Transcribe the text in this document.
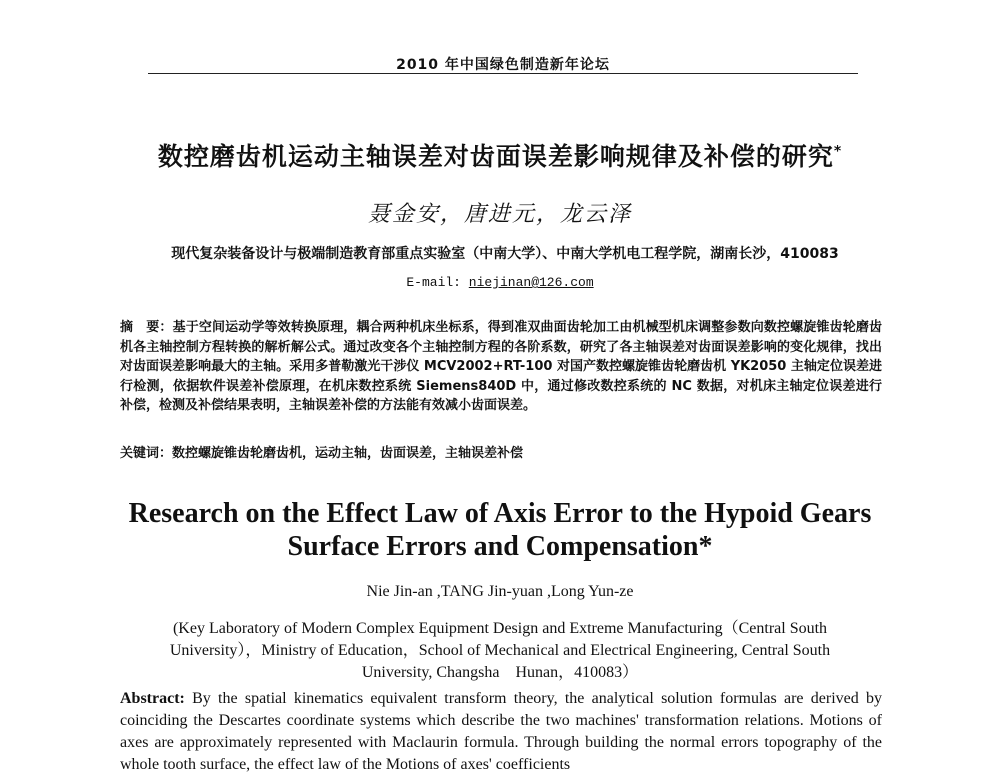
2010 年中国绿色制造新年论坛
数控磨齿机运动主轴误差对齿面误差影响规律及补偿的研究*
聂金安，唐进元，龙云泽
现代复杂装备设计与极端制造教育部重点实验室（中南大学）、中南大学机电工程学院，湖南长沙，410083
E-mail: niejinan@126.com
摘　要：基于空间运动学等效转换原理，耦合两种机床坐标系，得到准双曲面齿轮加工由机械型机床调整参数向数控螺旋锥齿轮磨齿机各主轴控制方程转换的解析解公式。通过改变各个主轴控制方程的各阶系数，研究了各主轴误差对齿面误差影响的变化规律，找出对齿面误差影响最大的主轴。采用多普勒激光干涉仪 MCV2002+RT-100 对国产数控螺旋锥齿轮磨齿机 YK2050 主轴定位误差进行检测，依据软件误差补偿原理，在机床数控系统 Siemens840D 中，通过修改数控系统的 NC 数据，对机床主轴定位误差进行补偿，检测及补偿结果表明，主轴误差补偿的方法能有效减小齿面误差。
关键词：数控螺旋锥齿轮磨齿机，运动主轴，齿面误差，主轴误差补偿
Research on the Effect Law of Axis Error to the Hypoid Gears
Surface Errors and Compensation*
Nie Jin-an ,TANG Jin-yuan ,Long Yun-ze
(Key Laboratory of Modern Complex Equipment Design and Extreme Manufacturing（Central South
University），Ministry of Education，School of Mechanical and Electrical Engineering, Central South
University, Changsha　Hunan，410083）
Abstract: By the spatial kinematics equivalent transform theory, the analytical solution formulas are derived by coinciding the Descartes coordinate systems which describe the two machines' transformation relations. Motions of axes are approximately represented with Maclaurin formula. Through building the normal errors topography of the whole tooth surface, the effect law of the Motions of axes' coefficients
